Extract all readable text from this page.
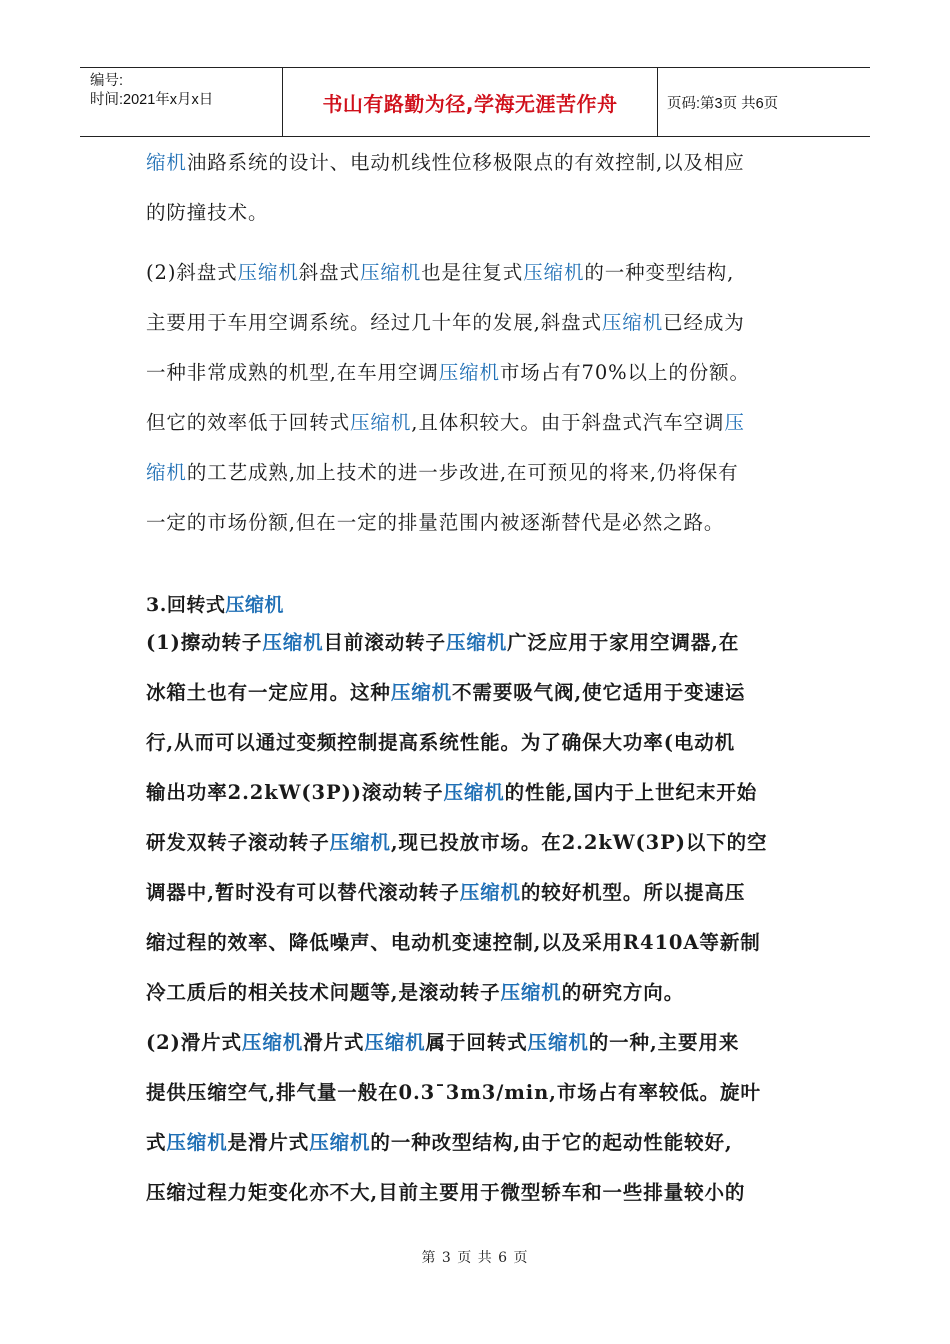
编号:
时间:2021年x月x日	书山有路勤为径,学海无涯苦作舟	页码:第3页 共6页
缩机油路系统的设计、电动机线性位移极限点的有效控制,以及相应
的防撞技术。
(2)斜盘式压缩机斜盘式压缩机也是往复式压缩机的一种变型结构,
主要用于车用空调系统。经过几十年的发展,斜盘式压缩机已经成为
一种非常成熟的机型,在车用空调压缩机市场占有70%以上的份额。
但它的效率低于回转式压缩机,且体积较大。由于斜盘式汽车空调压
缩机的工艺成熟,加上技术的进一步改进,在可预见的将来,仍将保有
一定的市场份额,但在一定的排量范围内被逐渐替代是必然之路。
3.回转式压缩机
(1)擦动转子压缩机目前滚动转子压缩机广泛应用于家用空调器,在
冰箱土也有一定应用。这种压缩机不需要吸气阀,使它适用于变速运
行,从而可以通过变频控制提高系统性能。为了确保大功率(电动机
输出功率2.2kW(3P))滚动转子压缩机的性能,国内于上世纪末开始
研发双转子滚动转子压缩机,现已投放市场。在2.2kW(3P)以下的空
调器中,暂时没有可以替代滚动转子压缩机的较好机型。所以提高压
缩过程的效率、降低噪声、电动机变速控制,以及采用R410A等新制
冷工质后的相关技术问题等,是滚动转子压缩机的研究方向。
(2)滑片式压缩机滑片式压缩机属于回转式压缩机的一种,主要用来
提供压缩空气,排气量一般在0.3ˉ3m3/min,市场占有率较低。旋叶
式压缩机是滑片式压缩机的一种改型结构,由于它的起动性能较好,
压缩过程力矩变化亦不大,目前主要用于微型轿车和一些排量较小的
第 3 页 共 6 页
